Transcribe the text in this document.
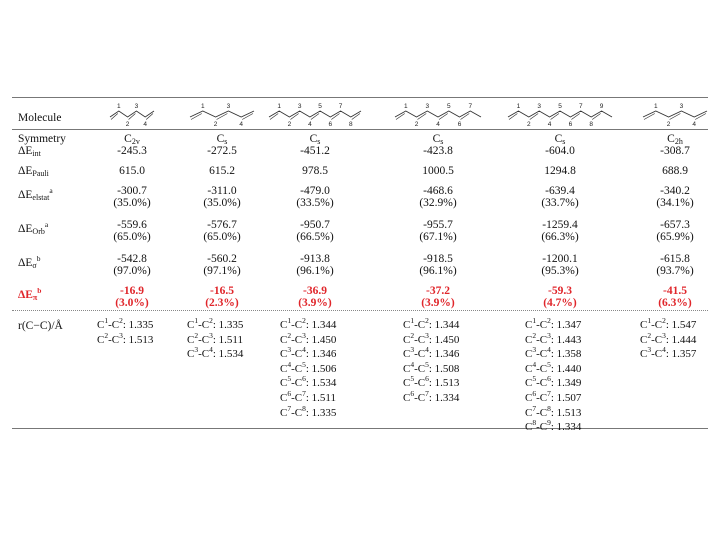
Molecule
Symmetry
$\Delta E_{int}$
$\Delta E_{Pauli}$
$\Delta E_{elstat}^a$
$\Delta E_{Orb}^a$
$\Delta E_\sigma^b$
$\Delta E_\pi^b$
r(C−C)/Å
1
2
3
4
$C_{2v}$
-245.3
615.0
-300.7
(35.0%)
-559.6
(65.0%)
-542.8
(97.0%)
-16.9
(3.0%)
$C^1-C^2$: 1.335
$C^2-C^3$: 1.513
1
2
3
4
$C_s$
-272.5
615.2
-311.0
(35.0%)
-576.7
(65.0%)
-560.2
(97.1%)
-16.5
(2.3%)
$C^1-C^2$: 1.335
$C^2-C^3$: 1.511
$C^3-C^4$: 1.534
1
2
3
4
5
6
7
8
$C_s$
-451.2
978.5
-479.0
(33.5%)
-950.7
(66.5%)
-913.8
(96.1%)
-36.9
(3.9%)
$C^1-C^2$: 1.344
$C^2-C^3$: 1.450
$C^3-C^4$: 1.346
$C^4-C^5$: 1.506
$C^5-C^6$: 1.534
$C^6-C^7$: 1.511
$C^7-C^8$: 1.335
1
2
3
4
5
6
7
$C_s$
-423.8
1000.5
-468.6
(32.9%)
-955.7
(67.1%)
-918.5
(96.1%)
-37.2
(3.9%)
$C^1-C^2$: 1.344
$C^2-C^3$: 1.450
$C^3-C^4$: 1.346
$C^4-C^5$: 1.508
$C^5-C^6$: 1.513
$C^6-C^7$: 1.334
1
2
3
4
5
6
7
8
9
$C_s$
-604.0
1294.8
-639.4
(33.7%)
-1259.4
(66.3%)
-1200.1
(95.3%)
-59.3
(4.7%)
$C^1-C^2$: 1.347
$C^2-C^3$: 1.443
$C^3-C^4$: 1.358
$C^4-C^5$: 1.440
$C^5-C^6$: 1.349
$C^6-C^7$: 1.507
$C^7-C^8$: 1.513
$C^8-C^9$: 1.334
1
2
3
4
$C_{2h}$
-308.7
688.9
-340.2
(34.1%)
-657.3
(65.9%)
-615.8
(93.7%)
-41.5
(6.3%)
$C^1-C^2$: 1.547
$C^2-C^3$: 1.444
$C^3-C^4$: 1.357
